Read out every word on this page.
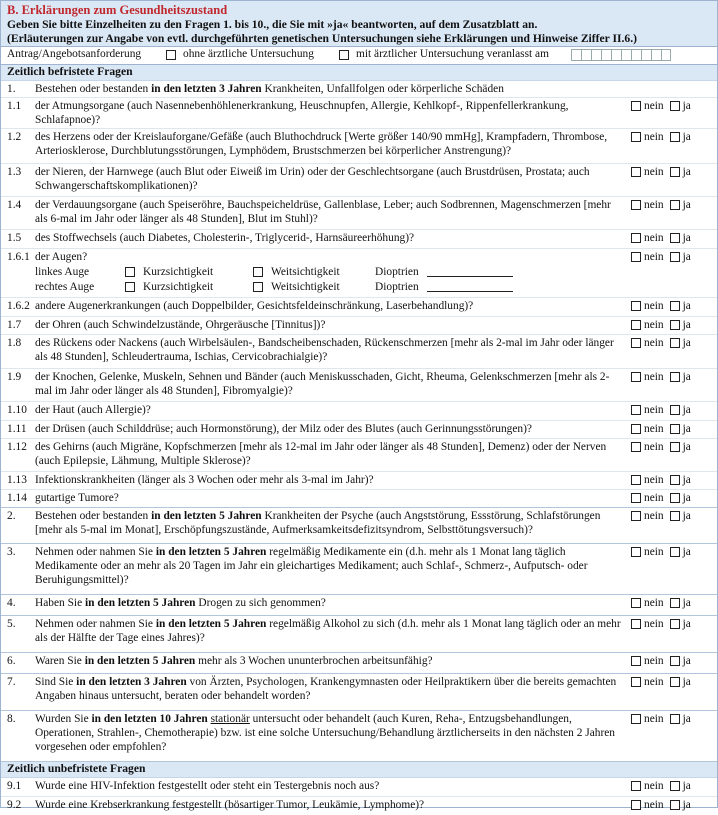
B. Erklärungen zum Gesundheitszustand
Geben Sie bitte Einzelheiten zu den Fragen 1. bis 10., die Sie mit »ja« beantworten, auf dem Zusatzblatt an.
(Erläuterungen zur Angabe von evtl. durchgeführten genetischen Untersuchungen siehe Erklärungen und Hinweise Ziffer II.6.)
Antrag/Angebotsanforderung	ohne ärztliche Untersuchung	mit ärztlicher Untersuchung veranlasst am
Zeitlich befristete Fragen
1. Bestehen oder bestanden in den letzten 3 Jahren Krankheiten, Unfallfolgen oder körperliche Schäden
1.1 der Atmungsorgane (auch Nasennebenhöhlenerkrankung, Heuschnupfen, Allergie, Kehlkopf-, Rippenfellerkrankung, Schlafapnoe)?
nein ja
1.2 des Herzens oder der Kreislauforgane/Gefäße (auch Bluthochdruck [Werte größer 140/90 mmHg], Krampfadern, Thrombose, Arteriosklerose, Durchblutungsstörungen, Lymphödem, Brustschmerzen bei körperlicher Anstrengung)?
nein ja
1.3 der Nieren, der Harnwege (auch Blut oder Eiweiß im Urin) oder der Geschlechtsorgane (auch Brustdrüsen, Prostata; auch Schwangerschaftskomplikationen)?
nein ja
1.4 der Verdauungsorgane (auch Speiseröhre, Bauchspeicheldrüse, Gallenblase, Leber; auch Sodbrennen, Magenschmerzen [mehr als 6-mal im Jahr oder länger als 48 Stunden], Blut im Stuhl)?
nein ja
1.5 des Stoffwechsels (auch Diabetes, Cholesterin-, Triglycerid-, Harnsäureerhöhung)?	nein ja
1.6.1 der Augen?	nein ja
linkes Auge	Kurzsichtigkeit	Weitsichtigkeit	Dioptrien
rechtes Auge	Kurzsichtigkeit	Weitsichtigkeit	Dioptrien
1.6.2 andere Augenerkrankungen (auch Doppelbilder, Gesichtsfeldeinschränkung, Laserbehandlung)?	nein ja
1.7 der Ohren (auch Schwindelzustände, Ohrgeräusche [Tinnitus])?	nein ja
1.8 des Rückens oder Nackens (auch Wirbelsäulen-, Bandscheibenschaden, Rückenschmerzen [mehr als 2-mal im Jahr oder länger als 48 Stunden], Schleudertrauma, Ischias, Cervicobrachialgie)?
nein ja
1.9 der Knochen, Gelenke, Muskeln, Sehnen und Bänder (auch Meniskusschaden, Gicht, Rheuma, Gelenkschmerzen [mehr als 2-mal im Jahr oder länger als 48 Stunden], Fibromyalgie)?
nein ja
1.10 der Haut (auch Allergie)?	nein ja
1.11 der Drüsen (auch Schilddrüse; auch Hormonstörung), der Milz oder des Blutes (auch Gerinnungsstörungen)?	nein ja
1.12 des Gehirns (auch Migräne, Kopfschmerzen [mehr als 12-mal im Jahr oder länger als 48 Stunden], Demenz) oder der Nerven (auch Epilepsie, Lähmung, Multiple Sklerose)?
nein ja
1.13 Infektionskrankheiten (länger als 3 Wochen oder mehr als 3-mal im Jahr)?	nein ja
1.14 gutartige Tumore?	nein ja
2. Bestehen oder bestanden in den letzten 5 Jahren Krankheiten der Psyche (auch Angststörung, Essstörung, Schlafstörungen [mehr als 5-mal im Monat], Erschöpfungszustände, Aufmerksamkeitsdefizitsyndrom, Selbsttötungsversuch)?
nein ja
3. Nehmen oder nahmen Sie in den letzten 5 Jahren regelmäßig Medikamente ein (d.h. mehr als 1 Monat lang täglich Medikamente oder an mehr als 20 Tagen im Jahr ein gleichartiges Medikament; auch Schlaf-, Schmerz-, Aufputsch- oder Beruhigungsmittel)?
nein ja
4. Haben Sie in den letzten 5 Jahren Drogen zu sich genommen?	nein ja
5. Nehmen oder nahmen Sie in den letzten 5 Jahren regelmäßig Alkohol zu sich (d.h. mehr als 1 Monat lang täglich oder an mehr als der Hälfte der Tage eines Jahres)?
nein ja
6. Waren Sie in den letzten 5 Jahren mehr als 3 Wochen ununterbrochen arbeitsunfähig?	nein ja
7. Sind Sie in den letzten 3 Jahren von Ärzten, Psychologen, Krankengymnasten oder Heilpraktikern über die bereits gemachten Angaben hinaus untersucht, beraten oder behandelt worden?
nein ja
8. Wurden Sie in den letzten 10 Jahren stationär untersucht oder behandelt (auch Kuren, Reha-, Entzugsbehandlungen, Operationen, Strahlen-, Chemotherapie) bzw. ist eine solche Untersuchung/Behandlung ärztlicherseits in den nächsten 2 Jahren vorgesehen oder empfohlen?
nein ja
Zeitlich unbefristete Fragen
9.1 Wurde eine HIV-Infektion festgestellt oder steht ein Testergebnis noch aus?	nein ja
9.2 Wurde eine Krebserkrankung festgestellt (bösartiger Tumor, Leukämie, Lymphome)?	nein ja
